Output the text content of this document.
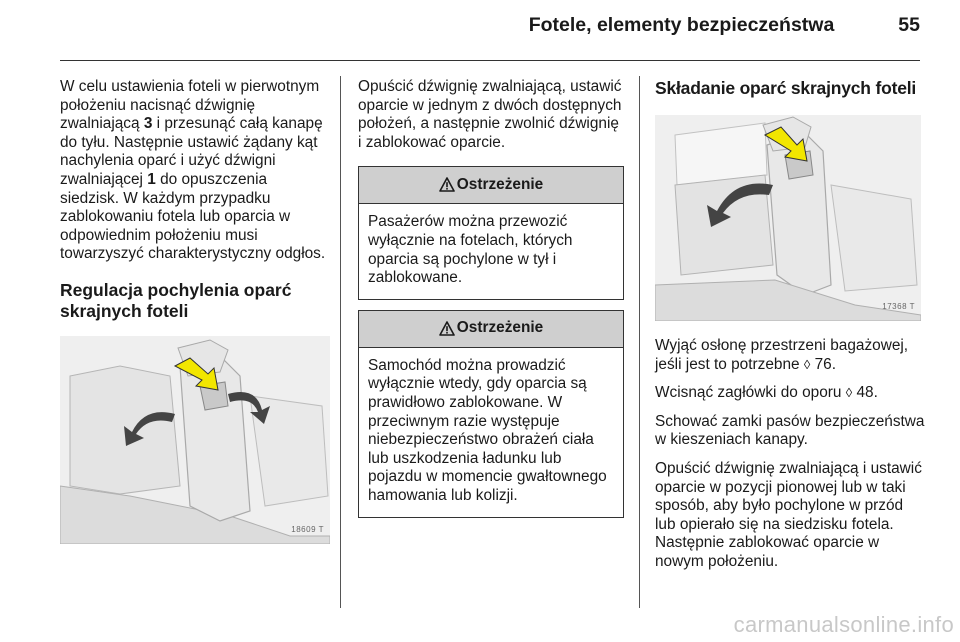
Fotele, elementy bezpieczeństwa	55

W celu ustawienia foteli w pierwotnym położeniu nacisnąć dźwignię zwalniającą 3 i przesunąć całą kanapę do tyłu. Następnie ustawić żądany kąt nachylenia oparć i użyć dźwigni zwalniającej 1 do opuszczenia siedzisk. W każdym przypadku zablokowaniu fotela lub oparcia w odpowiednim położeniu musi towarzyszyć charakterystyczny odgłos.

Regulacja pochylenia oparć skrajnych foteli
18609 T

Opuścić dźwignię zwalniającą, ustawić oparcie w jednym z dwóch dostępnych położeń, a następnie zwolnić dźwignię i zablokować oparcie.

Ostrzeżenie
Pasażerów można przewozić wyłącznie na fotelach, których oparcia są pochylone w tył i zablokowane.
Ostrzeżenie
Samochód można prowadzić wyłącznie wtedy, gdy oparcia są prawidłowo zablokowane. W przeciwnym razie występuje niebezpieczeństwo obrażeń ciała lub uszkodzenia ładunku lub pojazdu w momencie gwałtownego hamowania lub kolizji.
Składanie oparć skrajnych foteli
17368 T

Wyjąć osłonę przestrzeni bagażowej, jeśli jest to potrzebne ◊ 76.

Wcisnąć zagłówki do oporu ◊ 48.

Schować zamki pasów bezpieczeństwa w kieszeniach kanapy.

Opuścić dźwignię zwalniającą i ustawić oparcie w pozycji pionowej lub w taki sposób, aby było pochylone w przód lub opierało się na siedzisku fotela. Następnie zablokować oparcie w nowym położeniu.

carmanualsonline.info
